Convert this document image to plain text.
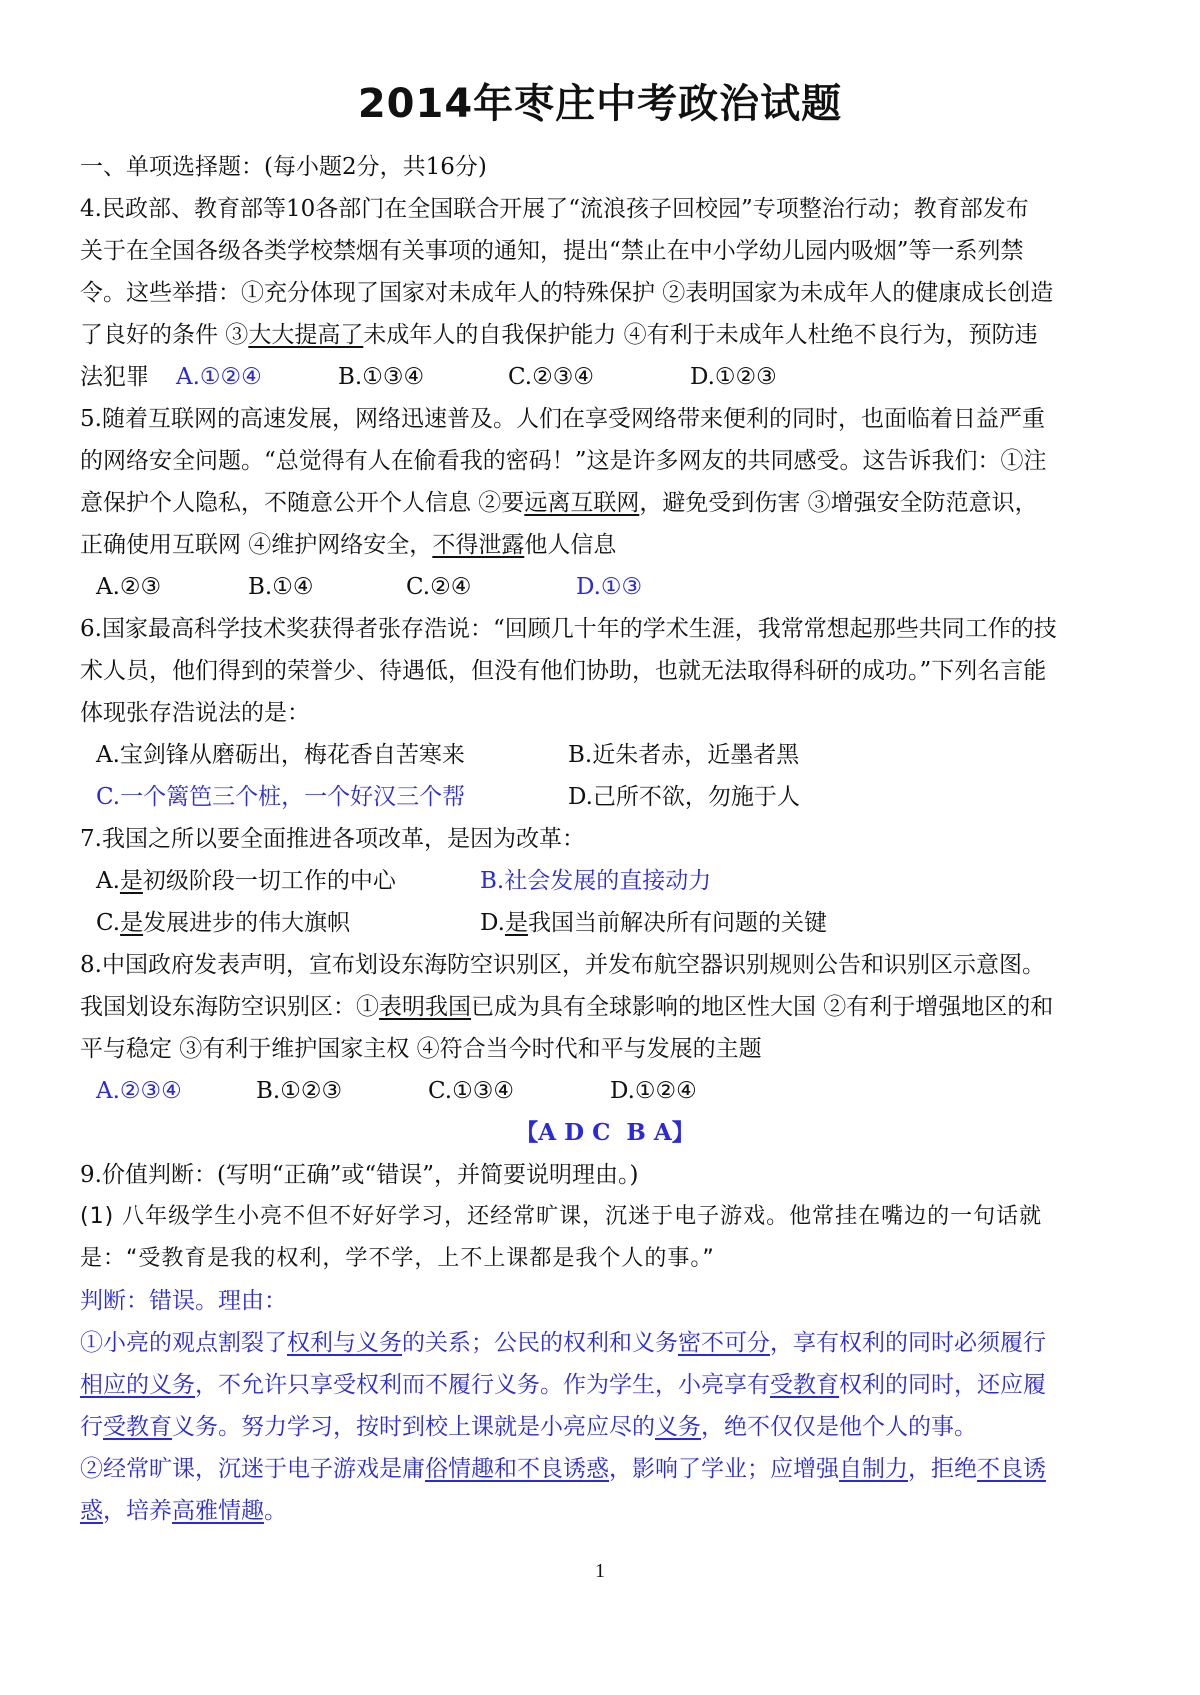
2014年枣庄中考政治试题

一、单项选择题：(每小题2分，共16分)

4.民政部、教育部等10各部门在全国联合开展了“流浪孩子回校园”专项整治行动；教育部发布

关于在全国各级各类学校禁烟有关事项的通知，提出“禁止在中小学幼儿园内吸烟”等一系列禁

令。这些举措：①充分体现了国家对未成年人的特殊保护 ②表明国家为未成年人的健康成长创造

了良好的条件 ③大大提高了未成年人的自我保护能力 ④有利于未成年人杜绝不良行为，预防违

法犯罪	A.①②④	B.①③④	C.②③④	D.①②③

5.随着互联网的高速发展，网络迅速普及。人们在享受网络带来便利的同时，也面临着日益严重

的网络安全问题。“总觉得有人在偷看我的密码！”这是许多网友的共同感受。这告诉我们：①注

意保护个人隐私，不随意公开个人信息 ②要远离互联网，避免受到伤害 ③增强安全防范意识，

正确使用互联网 ④维护网络安全，不得泄露他人信息

A.②③	B.①④	C.②④	D.①③

6.国家最高科学技术奖获得者张存浩说：“回顾几十年的学术生涯，我常常想起那些共同工作的技

术人员，他们得到的荣誉少、待遇低，但没有他们协助，也就无法取得科研的成功。”下列名言能

体现张存浩说法的是：

A.宝剑锋从磨砺出，梅花香自苦寒来	B.近朱者赤，近墨者黑

C.一个篱笆三个桩，一个好汉三个帮	D.己所不欲，勿施于人

7.我国之所以要全面推进各项改革，是因为改革：

A.是初级阶段一切工作的中心	B.社会发展的直接动力

C.是发展进步的伟大旗帜	D.是我国当前解决所有问题的关键

8.中国政府发表声明，宣布划设东海防空识别区，并发布航空器识别规则公告和识别区示意图。

我国划设东海防空识别区：①表明我国已成为具有全球影响的地区性大国 ②有利于增强地区的和

平与稳定 ③有利于维护国家主权 ④符合当今时代和平与发展的主题

A.②③④	B.①②③	C.①③④	D.①②④

【A D C  B A】

9.价值判断：(写明“正确”或“错误”，并简要说明理由。)

(1) 八年级学生小亮不但不好好学习，还经常旷课，沉迷于电子游戏。他常挂在嘴边的一句话就

是：“受教育是我的权利，学不学，上不上课都是我个人的事。”

判断：错误。理由：

①小亮的观点割裂了权利与义务的关系；公民的权利和义务密不可分，享有权利的同时必须履行

相应的义务，不允许只享受权利而不履行义务。作为学生，小亮享有受教育权利的同时，还应履

行受教育义务。努力学习，按时到校上课就是小亮应尽的义务，绝不仅仅是他个人的事。

②经常旷课，沉迷于电子游戏是庸俗情趣和不良诱惑，影响了学业；应增强自制力，拒绝不良诱

惑，培养高雅情趣。

1
